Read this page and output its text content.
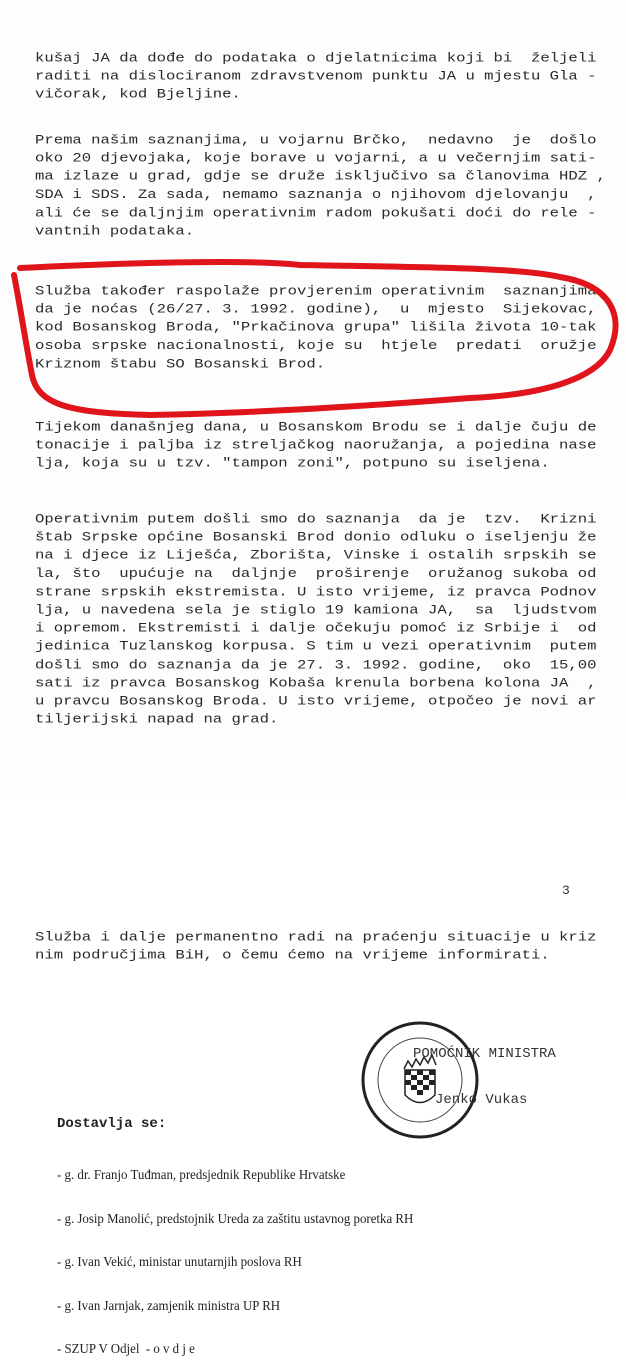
kušaj JA da dođe do podataka o djelatnicima koji bi  željeli
raditi na dislociranom zdravstvenom punktu JA u mjestu Gla -
vičorak, kod Bjeljine.
Prema našim saznanjima, u vojarnu Brčko,  nedavno  je  došlo
oko 20 djevojaka, koje borave u vojarni, a u večernjim sati-
ma izlaze u grad, gdje se druže isključivo sa članovima HDZ ,
SDA i SDS. Za sada, nemamo saznanja o njihovom djelovanju  ,
ali će se daljnjim operativnim radom pokušati doći do rele -
vantnih podataka.
Služba također raspolaže provjerenim operativnim  saznanjima
da je noćas (26/27. 3. 1992. godine),  u  mjesto  Sijekovac,
kod Bosanskog Broda, "Prkačinova grupa" lišila života 10-tak
osoba srpske nacionalnosti, koje su  htjele  predati  oružje
Kriznom štabu SO Bosanski Brod.
Tijekom današnjeg dana, u Bosanskom Brodu se i dalje čuju de
tonacije i paljba iz streljačkog naoružanja, a pojedina nase
lja, koja su u tzv. "tampon zoni", potpuno su iseljena.
Operativnim putem došli smo do saznanja  da je  tzv.  Krizni
štab Srpske općine Bosanski Brod donio odluku o iseljenju že
na i djece iz Liješća, Zborišta, Vinske i ostalih srpskih se
la, što  upućuje na  daljnje  proširenje  oružanog sukoba od
strane srpskih ekstremista. U isto vrijeme, iz pravca Podnov
lja, u navedena sela je stiglo 19 kamiona JA,  sa  ljudstvom
i opremom. Ekstremisti i dalje očekuju pomoć iz Srbije i  od
jedinica Tuzlanskog korpusa. S tim u vezi operativnim  putem
došli smo do saznanja da je 27. 3. 1992. godine,  oko  15,00
sati iz pravca Bosanskog Kobaša krenula borbena kolona JA  ,
u pravcu Bosanskog Broda. U isto vrijeme, otpočeo je novi ar
tiljerijski napad na grad.
Služba i dalje permanentno radi na praćenju situacije u kriz
nim područjima BiH, o čemu ćemo na vrijeme informirati.
3
POMOĆNIK MINISTRA
Jenko Vukas
Dostavlja se:

- g. dr. Franjo Tuđman, predsjednik Republike Hrvatske

- g. Josip Manolić, predstojnik Ureda za zaštitu ustavnog poretka RH

- g. Ivan Vekić, ministar unutarnjih poslova RH

- g. Ivan Jarnjak, zamjenik ministra UP RH

- SZUP V Odjel  - o v d j e
